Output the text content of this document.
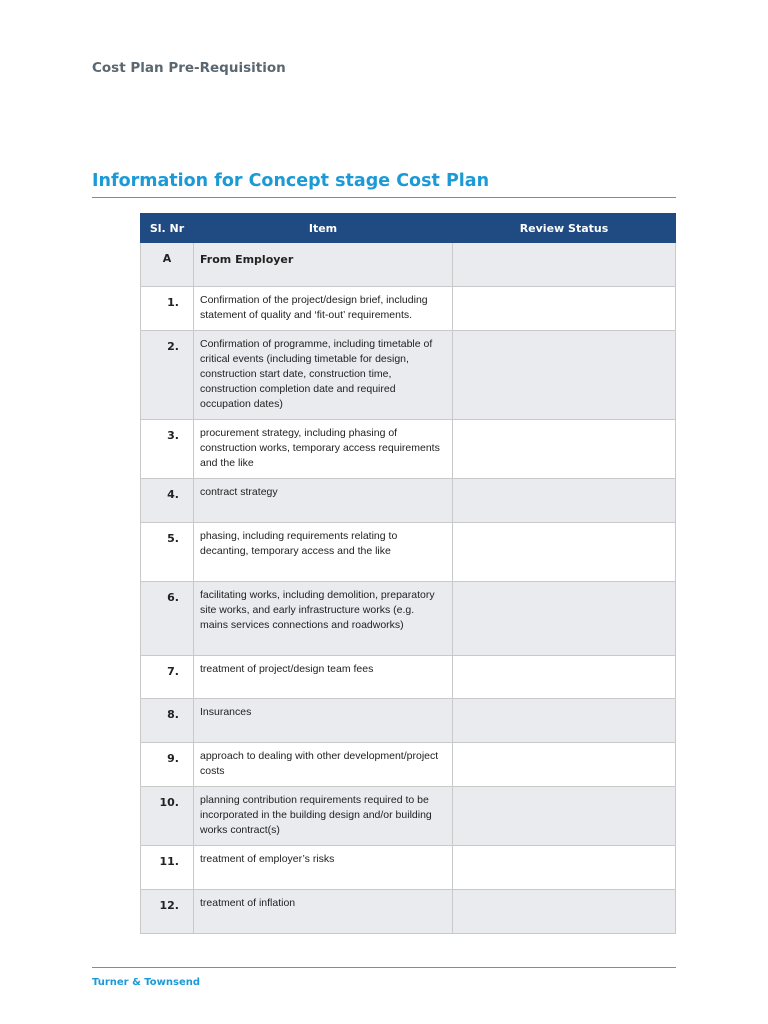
Cost Plan Pre-Requisition
Information for Concept stage Cost Plan
Sl. Nr	Item	Review Status
A	From Employer	
1.	Confirmation of the project/design brief, including statement of quality and ‘fit-out’ requirements.	
2.	Confirmation of programme, including timetable of critical events (including timetable for design, construction start date, construction time, construction completion date and required occupation dates)	
3.	procurement strategy, including phasing of construction works, temporary access requirements and the like	
4.	contract strategy	
5.	phasing, including requirements relating to decanting, temporary access and the like	
6.	facilitating works, including demolition, preparatory site works, and early infrastructure works (e.g. mains services connections and roadworks)	
7.	treatment of project/design team fees	
8.	Insurances	
9.	approach to dealing with other development/project costs	
10.	planning contribution requirements required to be incorporated in the building design and/or building works contract(s)	
11.	treatment of employer’s risks	
12.	treatment of inflation	
Turner & Townsend
